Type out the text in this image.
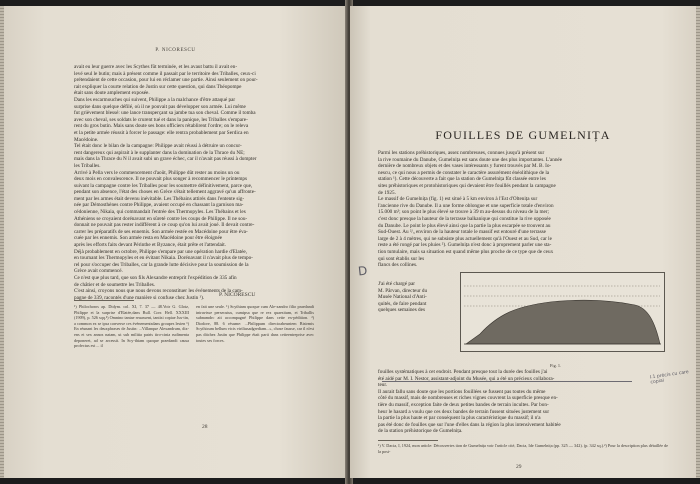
P. NICORESCU
avait eu leur guerre avec les Scythes fût terminée, et les avaut battu il avait en-
levé seul le butin; mais à présent comme il passait par le territoire des Triballes, ceux-ci
prétendaient de cette occasion, pour lui en réclamer une partie. Ainsi seulement on pour-
rait expliquer la courte relation de Justin sur cette question, qui dans Théopompe
était sans doute amplement exposée.
Dans les escarmouches qui suivent, Philippe a la malchance d'être attaqué par
surprise dans quelque défilé, où il ne pouvait pas développer son armée. Lui même
fut grièvement blessé: une lance transperçant sa jambe tua son cheval. Comme il tomba
avec son cheval, ses soldats le crurent tué et dans la panique, les Triballes s'empare-
rent du gros butin. Mais sans doute ses bons officiers rétablirent l'ordre; on le releva
et la petite armée réussit à forcer le passage: elle rentra probablement par Serdica en
Macédoine.
Tel était donc le bilan de la campagne: Philippe avait réussi à détruire un concur-
rent dangereux qui aspirait à le supplanter dans la domination de la Thrace du NE;
mais dans la Thrace du N il avait subi un grave échec, car il n'avait pas réussi à dompter
les Triballes.
Arrivé à Pella vers le commencement d'août, Philippe dût rester au moins un ou
deux mois en convalescence. Il ne pouvait plus songer à recommencer le printemps
suivant la campagne contre les Triballes pour les soumettre définitivement, parce que,
pendant son absence, l'état des choses en Grèce s'était tellement aggravé qu'un affronte-
ment par les armes était devenu inévitable. Les Thébains attirés dans l'entente sig-
née par Démosthènes contre Philippe, avaient occupé en chassant la garnison ma-
cédonienne, Nikaia, qui commandait l'entrée des Thermopyles. Les Thébains et les
Athéniens se croyaient dorénavant en sûreté contre les coups de Philippe. Il ne sou-
donnait ne pouvait pas rester indifférent à ce coup qu'on lui avait joué. Il devait contre-
carrer les préparatifs de ses ennemis. Son armée restée en Macédoine pour être éva-
cuée par les ennemis. Son armée resta en Macédoine pour être éloignée
après les efforts faits devant Périnthe et Byzance, était prête et l'attendait.
Déjà probablement en octobre, Philippe s'empare par une opération hardie d'Elatée,
en tournant les Thermopyles et en évitant Nikaia. Dorénavant il n'avait plus de tempo-
rel pour s'occuper des Triballes, car la grande lutte décisive pour la soumission de la
Grèce avait commencé.
Ce n'est que plus tard, que son fils Alexandre entreprit l'expédition de 335 afin
de châtier et de soumettre les Triballes.
C'est ainsi, croyons nous que nous devons reconstituer les événements de la cam-
pagne de 339, racontés d'une manière si confuse chez Justin ¹).
¹) Philochoros ap. Didym. col. XI, 7. 37 — 48.Voir G. Glotz, Philippe et la surprise d'Elatée,dans Bull. Corr. Hell. XXXIII (1909), p. 526 sqq.²) Omnino tantae reuassent, tantisi copiae Jus-tin, a common ex se ipsa converse ces évènementsdans groupes lesien ¹) En réunant les deuxphrases de Justin: ...Villanque Alexandrum, dix-ens et sex annos natam, ut sub militia patris tiro-cinia rudimenta deponeret, ad se arcessit. In Scy-thiam quoque praedandi causa profectus est ... il
P. NICORESCU
en fait une seule. ¹) Scythiam quoque cum Ale-xandro filio praedandi intravisse persecutus, cumipsa que re rex quaesitum, et Triballis subnamdrc ait accompagné Philippe dans cette ex-pédition. ²) Diodore, 88. 6 résume: ...Philippum directoabeuntem Bisirmis Scythicum bellum vicis viriliusadgrediam...», chose fausse, car il n'est pas ditchez Justin que Philippe était parti dans cetteentreprise avec toutes ses forces.
28
FOUILLES DE GUMELNIȚA
Parmi les stations préhistoriques, assez nombreuses, connues jusqu'à présent sur
la rive roumaine du Danube, Gumelnița est sans doute une des plus importantes. L'année
dernière de nombreux objets et des vases intéressants y furent trouvés par M. B. Io-
nescu, ce qui nous a permis de constater le caractère assurément énéolithique de la
station ¹). Cette découverte a fait que la station de Gumelnița fût classée entre les
sites préhistoriques et protohistoriques qui devaient être fouillés pendant la campagne
de 1925.
Le massif de Gumelnița (fig. 1) est situé à 5 km environ à l'Est d'Oltenița sur
l'ancienne rive du Danube. Il a une forme oblongue et une superficie totale d'environ
15.000 m²; son point le plus élevé se trouve à 39 m au-dessus du niveau de la mer;
c'est donc presque la hauteur de la terrasse balkanique qui constitue la rive opposée
du Danube. Le point le plus élevé ainsi que la partie la plus escarpée se trouvent au
Sud-Ouest. Au ²/₃ environ de la hauteur totale le massif est entouré d'une terrasse
large de 2 à 4 mètres, qui ne subsiste plus actuellement qu'à l'Ouest et au Sud, car le
reste a été rongé par les pluies ²). Gumelnița n'est donc à proprement parler une sta-
tion tumulaire, mais sa situation est quand même plus proche de ce type que de ceux
qui sont établis sur les
flancs des collines.
J'ai été chargé par
M. Pârvan, directeur du
Musée National d'Anti-
quités, de faire pendant
quelques semaines des
Fig. 1.
fouilles systématiques à cet endroit. Pendant presque tout la durée des fouilles j'ai
été aidé par M. I. Nestor, assistant-adjoint du Musée, qui a été un précieux collabora-
teur.
Il aurait fallu sans doute que les portions fouillées se fussent pas toutes du même
côté du massif, mais de nombreuses et riches vignes couvrent la superficie presque en-
tière du massif, exception faite de deux petites bandes de terrain incultes. Par bon-
heur le hasard a voulu que ces deux bandes de terrain fussent situées justement sur
la partie la plus haute et par conséquent la plus caractéristique du massif; il n'a
pas été donc de fouilles que sur l'une d'elles dans la région la plus intensivement habitée
de la station préhistorique de Gumelnița.
¹) V. Dacia, I, 1924, mon article: Découvertes tion de Gumelnița voir l'article cité, Dacia, Ide Gumelnița (pp. 325 — 342). (p. 342 sq.).²) Pour la description plus détaillée de la posi-
29
D
I.1 précis cu care copiai
